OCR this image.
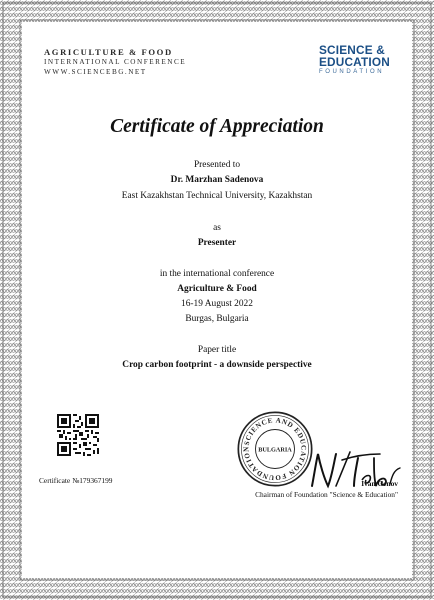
AGRICULTURE & FOOD
INTERNATIONAL CONFERENCE
WWW.SCIENCEBG.NET
SCIENCE &
EDUCATION
FOUNDATION
Certificate of Appreciation
Presented to
Dr. Marzhan Sadenova
East Kazakhstan Technical University, Kazakhstan
as
Presenter
in the international conference
Agriculture & Food
16-19 August 2022
Burgas, Bulgaria
Paper title
Crop carbon footprint - a downside perspective
Certificate №179367199
SCIENCE AND EDUCATION FOUNDATION BULGARIA
Ivan Genov
Chairman of Foundation "Science & Education"
